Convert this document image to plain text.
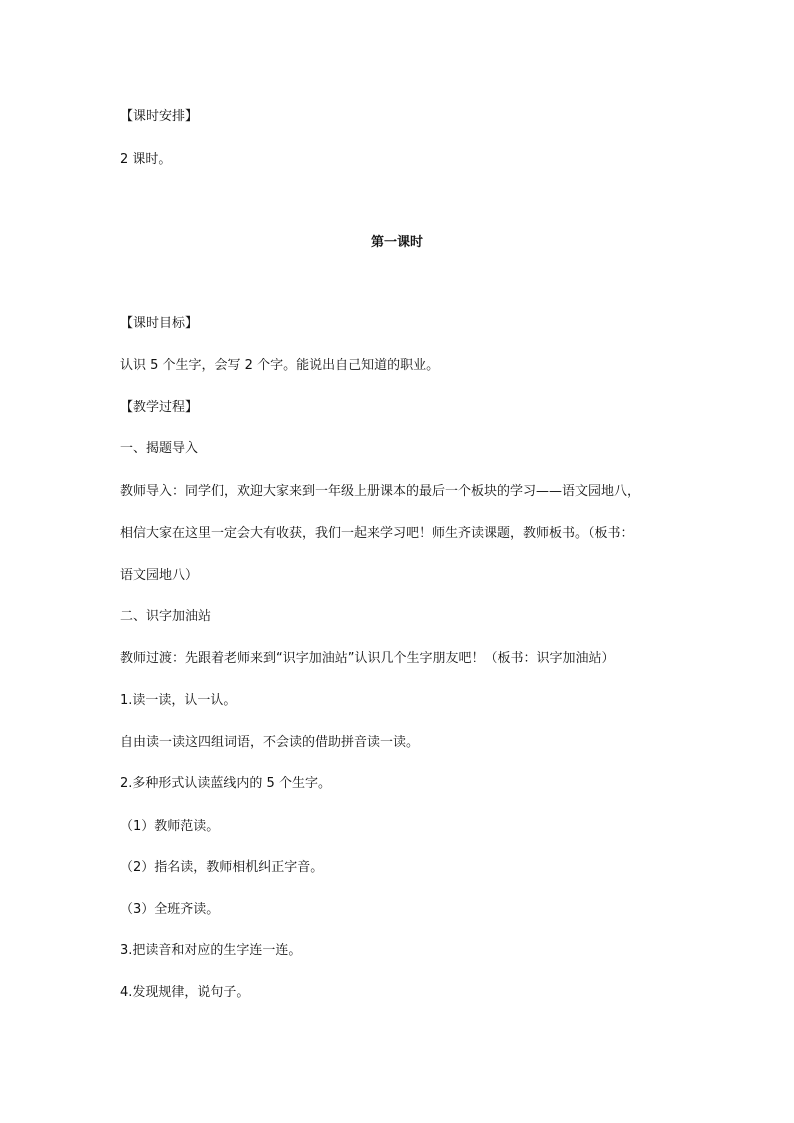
【课时安排】
2 课时。
第一课时
【课时目标】
认识 5 个生字，会写 2 个字。能说出自己知道的职业。
【教学过程】
一、揭题导入
教师导入：同学们，欢迎大家来到一年级上册课本的最后一个板块的学习——语文园地八，
相信大家在这里一定会大有收获，我们一起来学习吧！师生齐读课题，教师板书。（板书：
语文园地八）
二、识字加油站
教师过渡：先跟着老师来到“识字加油站”认识几个生字朋友吧！（板书：识字加油站）
1.读一读，认一认。
自由读一读这四组词语，不会读的借助拼音读一读。
2.多种形式认读蓝线内的 5 个生字。
（1）教师范读。
（2）指名读，教师相机纠正字音。
（3）全班齐读。
3.把读音和对应的生字连一连。
4.发现规律，说句子。
